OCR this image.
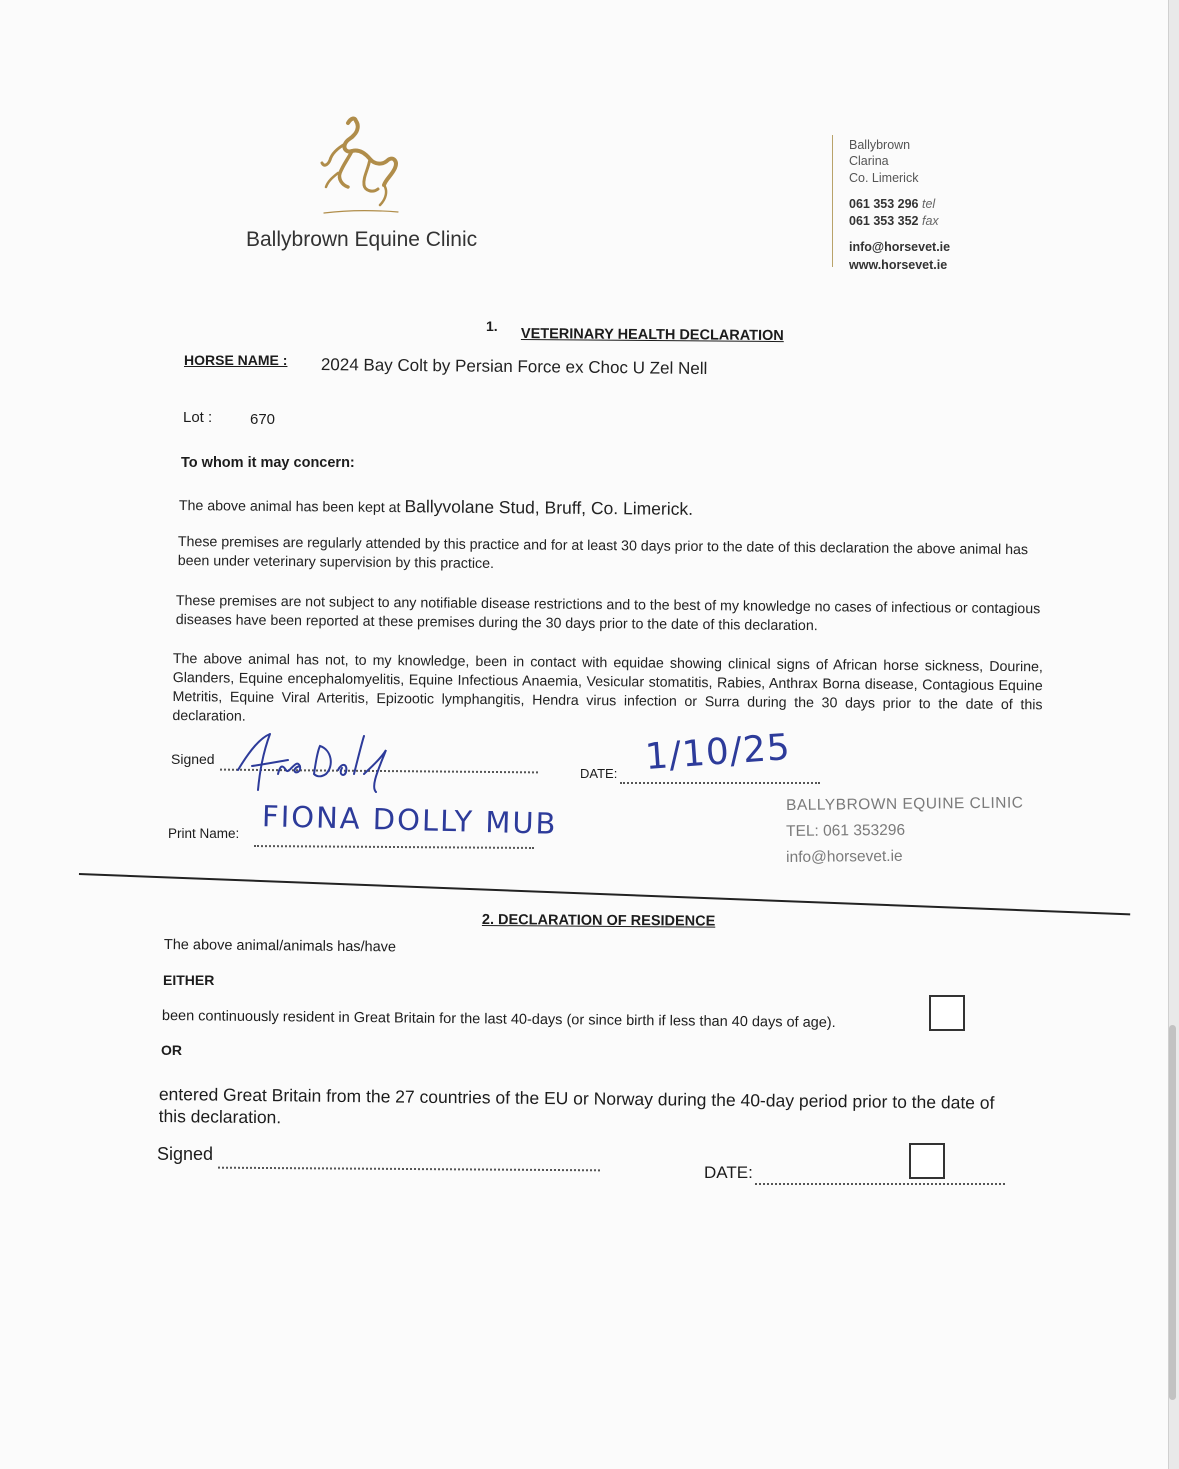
Ballybrown Equine Clinic
Ballybrown
Clarina
Co. Limerick
061 353 296 tel
061 353 352 fax
info@horsevet.ie
www.horsevet.ie
1. VETERINARY HEALTH DECLARATION
HORSE NAME : 2024 Bay Colt by Persian Force ex Choc U Zel Nell
Lot :	670
To whom it may concern:
The above animal has been kept at Ballyvolane Stud, Bruff, Co. Limerick.
These premises are regularly attended by this practice and for at least 30 days prior to the date of this declaration the above animal has been under veterinary supervision by this practice.
These premises are not subject to any notifiable disease restrictions and to the best of my knowledge no cases of infectious or contagious diseases have been reported at these premises during the 30 days prior to the date of this declaration.
The above animal has not, to my knowledge, been in contact with equidae showing clinical signs of African horse sickness, Dourine, Glanders, Equine encephalomyelitis, Equine Infectious Anaemia, Vesicular stomatitis, Rabies, Anthrax Borna disease, Contagious Equine Metritis, Equine Viral Arteritis, Epizootic lymphangitis, Hendra virus infection or Surra during the 30 days prior to the date of this declaration.
Signed
DATE: 1/10/25
Print Name: FIONA DOLLY MUB	BALLYBROWN EQUINE CLINIC
TEL: 061 353296
info@horsevet.ie
2. DECLARATION OF RESIDENCE
The above animal/animals has/have
EITHER
been continuously resident in Great Britain for the last 40-days (or since birth if less than 40 days of age).
OR
entered Great Britain from the 27 countries of the EU or Norway during the 40-day period prior to the date of this declaration.
Signed
DATE:
